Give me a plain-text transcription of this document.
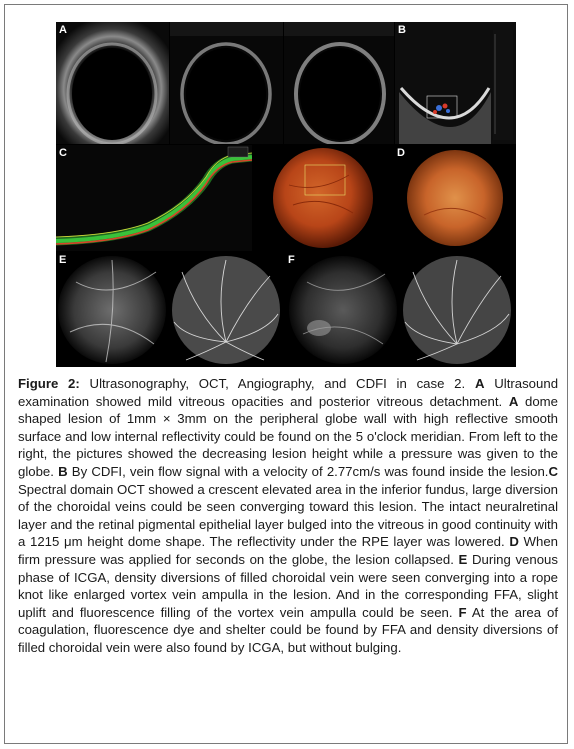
A	B
C	D
E	F
Figure 2: Ultrasonography, OCT, Angiography, and CDFI in case 2. A Ultrasound examination showed mild vitreous opacities and posterior vitreous detachment. A dome shaped lesion of 1mm × 3mm on the peripheral globe wall with high reflective smooth surface and low internal reflectivity could be found on the 5 o'clock meridian. From left to the right, the pictures showed the decreasing lesion height while a pressure was given to the globe. B By CDFI, vein flow signal with a velocity of 2.77cm/s was found inside the lesion.C Spectral domain OCT showed a crescent elevated area in the inferior fundus, large diversion of the choroidal veins could be seen converging toward this lesion. The intact neuralretinal layer and the retinal pigmental epithelial layer bulged into the vitreous in good continuity with a 1215 μm height dome shape. The reflectivity under the RPE layer was lowered. D When firm pressure was applied for seconds on the globe, the lesion collapsed. E During venous phase of ICGA, density diversions of filled choroidal vein were seen converging into a rope knot like enlarged vortex vein ampulla in the lesion. And in the corresponding FFA, slight uplift and fluorescence filling of the vortex vein ampulla could be seen. F At the area of coagulation, fluorescence dye and shelter could be found by FFA and density diversions of filled choroidal vein were also found by ICGA, but without bulging.
